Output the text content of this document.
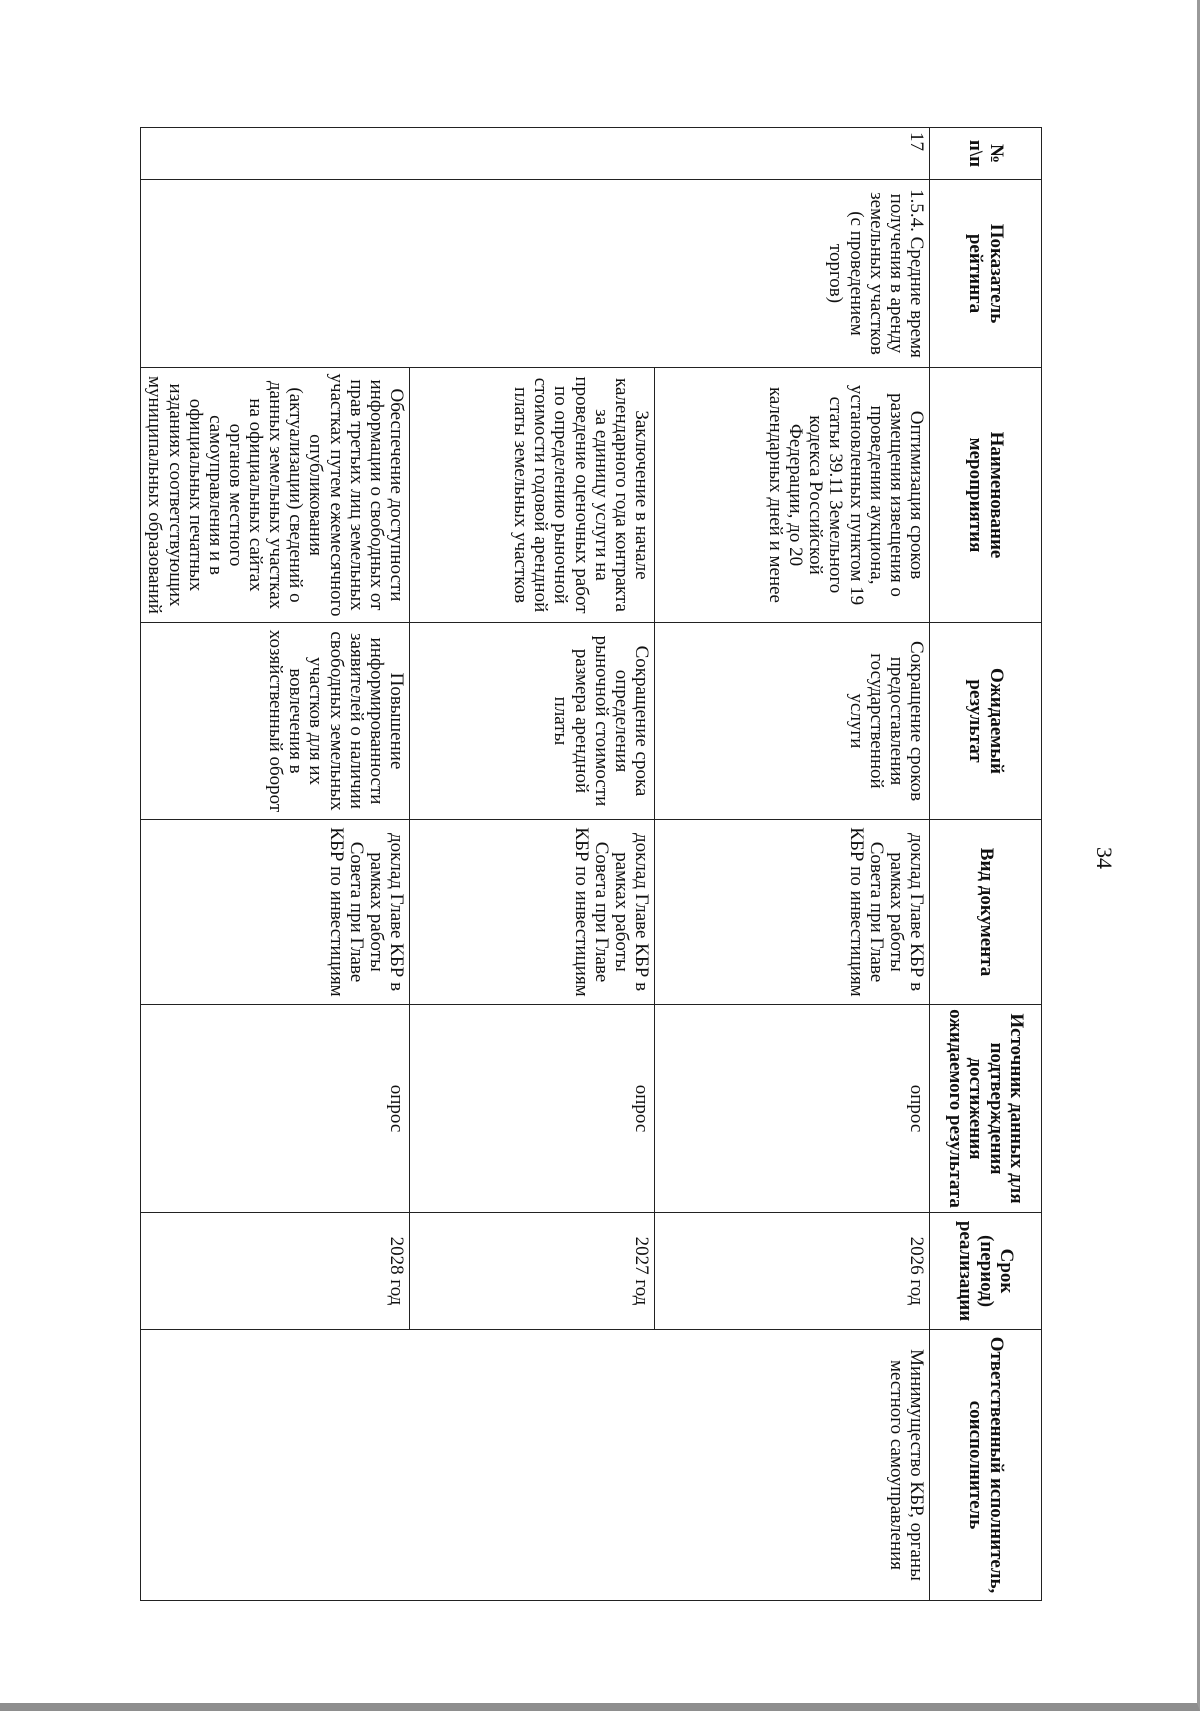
34
№ п\п	Показатель рейтинга	Наименование мероприятия	Ожидаемый результат	Вид документа	Источник данных для подтверждения достижения ожидаемого результата	Срок (период) реализации	Ответственный исполнитель, соисполнитель
17	1.5.4. Средние время получения в аренду земельных участков (с проведением торгов)	Оптимизация сроков размещения извещения о проведении аукциона, установленных пунктом 19 статьи 39.11 Земельного кодекса Российской Федерации, до 20 календарных дней и менее	Сокращение сроков предоставления государственной услуги	доклад Главе КБР в рамках работы Совета при Главе КБР по инвестициям	опрос	2026 год	Минимущество КБР, органы местного самоуправления
		Заключение в начале календарного года контракта за единицу услуги на проведение оценочных работ по определению рыночной стоимости годовой арендной платы земельных участков	Сокращение срока определения рыночной стоимости размера арендной платы	доклад Главе КБР в рамках работы Совета при Главе КБР по инвестициям	опрос	2027 год	
		Обеспечение доступности информации о свободных от прав третьих лиц земельных участках путем ежемесячного опубликования (актуализации) сведений о данных земельных участках на официальных сайтах органов местного самоуправления и в официальных печатных изданиях соответствующих муниципальных образований	Повышение информированности заявителей о наличии свободных земельных участков для их вовлечения в хозяйственный оборот	доклад Главе КБР в рамках работы Совета при Главе КБР по инвестициям	опрос	2028 год	
